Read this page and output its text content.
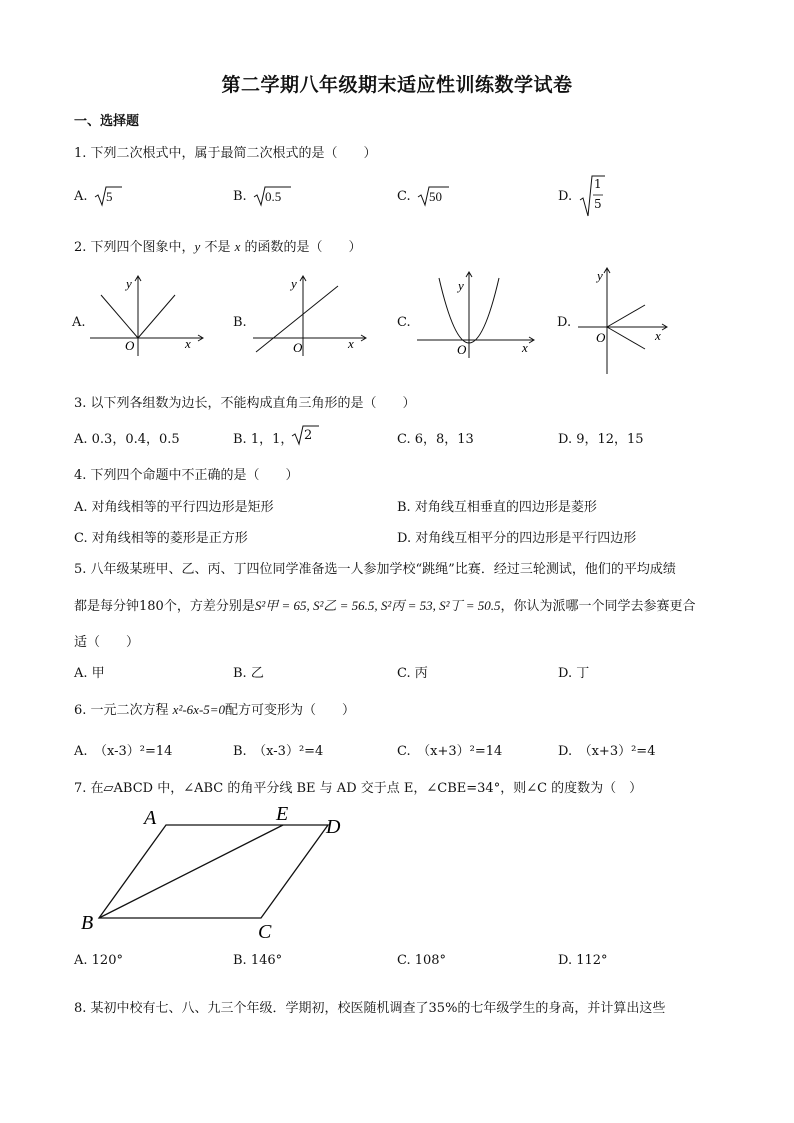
第二学期八年级期末适应性训练数学试卷
一、选择题
1. 下列二次根式中，属于最简二次根式的是（　　）
A. 5	B. 0.5	C. 50	D.
1
5
2. 下列四个图象中，y 不是 x 的函数的是（　　）
A.
y
x
O
B.
y
x
O
C.
y
x
O
D.
y
x
O
3. 以下列各组数为边长，不能构成直角三角形的是（　　）
A. 0.3，0.4，0.5	B. 1，1， 2	C. 6，8，13	D. 9，12，15
4. 下列四个命题中不正确的是（　　）
A. 对角线相等的平行四边形是矩形	B. 对角线互相垂直的四边形是菱形
C. 对角线相等的菱形是正方形	D. 对角线互相平分的四边形是平行四边形
5. 八年级某班甲、乙、丙、丁四位同学准备选一人参加学校“跳绳”比赛．经过三轮测试，他们的平均成绩
都是每分钟180个，方差分别是S²甲 = 65, S²乙 = 56.5, S²丙 = 53, S²丁 = 50.5，你认为派哪一个同学去参赛更合
适（　　）
A. 甲	B. 乙	C. 丙	D. 丁
6. 一元二次方程 x²-6x-5=0配方可变形为（　　）
A.　（x-3）²=14	B.　（x-3）²=4	C.　（x+3）²=14	D.　（x+3）²=4
7. 在▱ABCD 中，∠ABC 的角平分线 BE 与 AD 交于点 E，∠CBE=34°，则∠C 的度数为（　）
A	E
D
B	C
A. 120°	B. 146°	C. 108°	D. 112°
8. 某初中校有七、八、九三个年级．学期初，校医随机调查了35%的七年级学生的身高，并计算出这些
